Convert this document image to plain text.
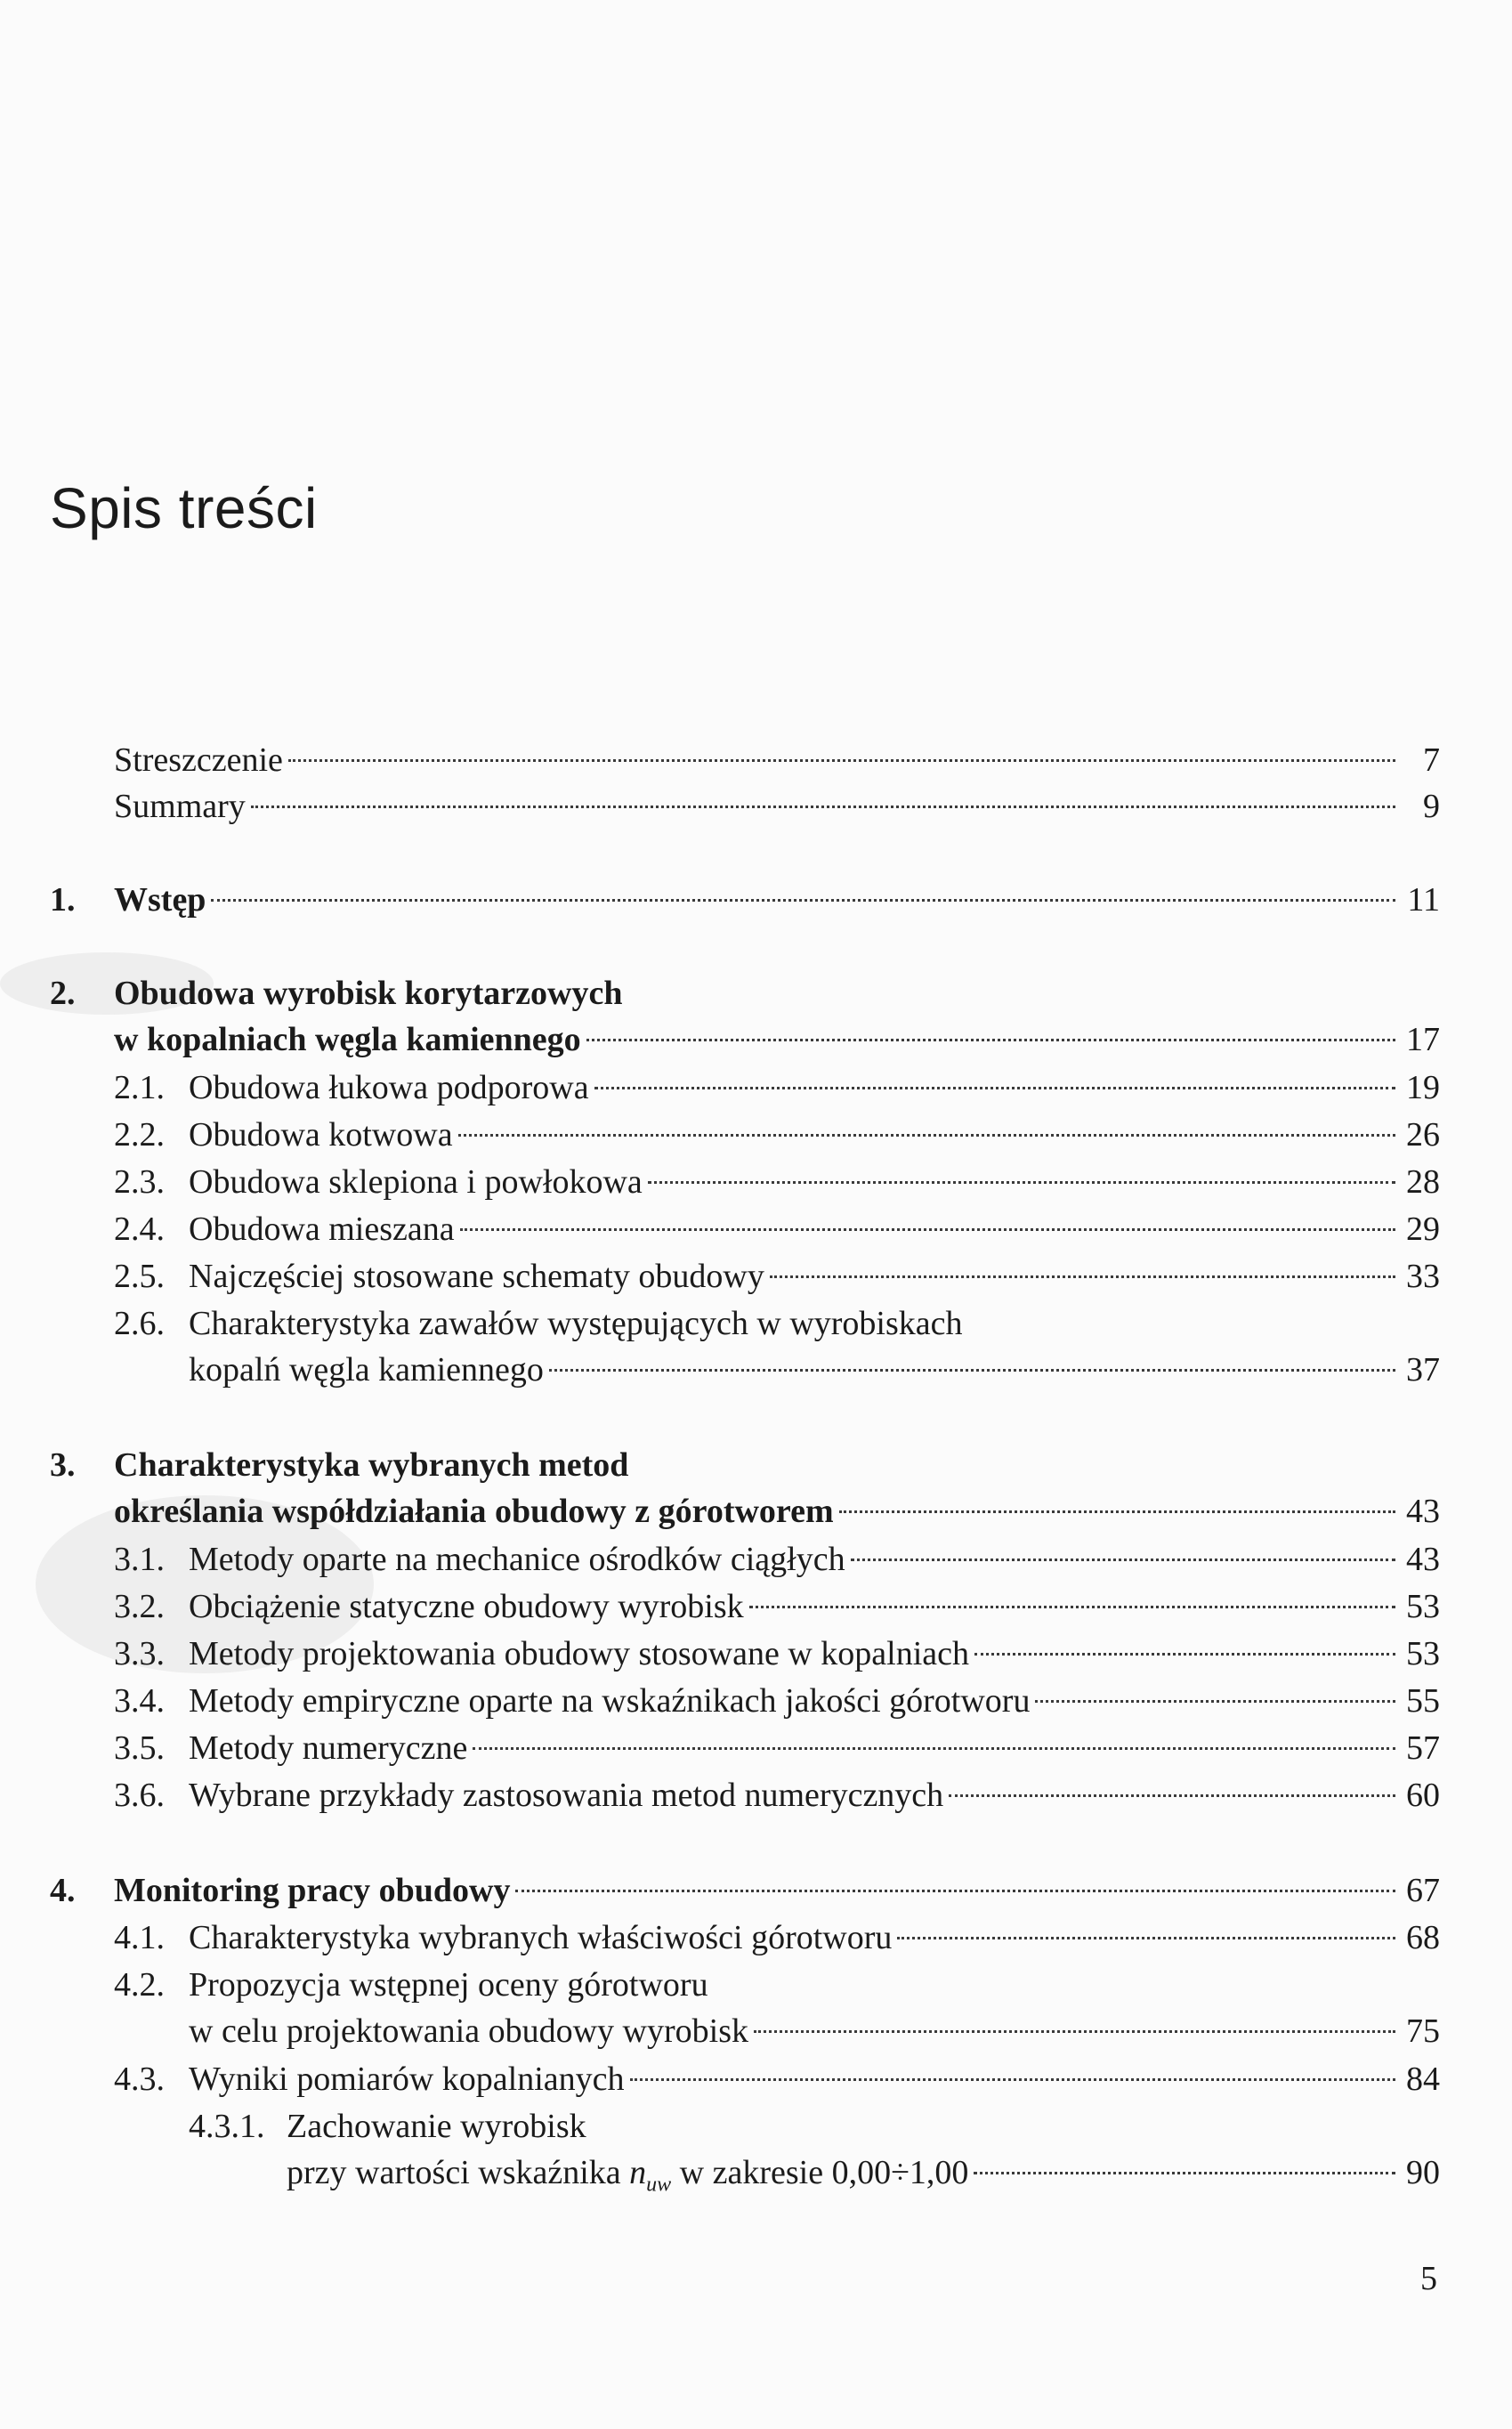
Spis treści
Streszczenie	7
Summary	9
1. Wstęp	11
2. Obudowa wyrobisk korytarzowych
w kopalniach węgla kamiennego	17
2.1. Obudowa łukowa podporowa	19
2.2. Obudowa kotwowa	26
2.3. Obudowa sklepiona i powłokowa	28
2.4. Obudowa mieszana	29
2.5. Najczęściej stosowane schematy obudowy	33
2.6. Charakterystyka zawałów występujących w wyrobiskach
kopalń węgla kamiennego	37
3. Charakterystyka wybranych metod
określania współdziałania obudowy z górotworem	43
3.1. Metody oparte na mechanice ośrodków ciągłych	43
3.2. Obciążenie statyczne obudowy wyrobisk	53
3.3. Metody projektowania obudowy stosowane w kopalniach	53
3.4. Metody empiryczne oparte na wskaźnikach jakości górotworu	55
3.5. Metody numeryczne	57
3.6. Wybrane przykłady zastosowania metod numerycznych	60
4. Monitoring pracy obudowy	67
4.1. Charakterystyka wybranych właściwości górotworu	68
4.2. Propozycja wstępnej oceny górotworu
w celu projektowania obudowy wyrobisk	75
4.3. Wyniki pomiarów kopalnianych	84
4.3.1. Zachowanie wyrobisk
przy wartości wskaźnika $n_{uw}$ w zakresie 0,00÷1,00	90
5
